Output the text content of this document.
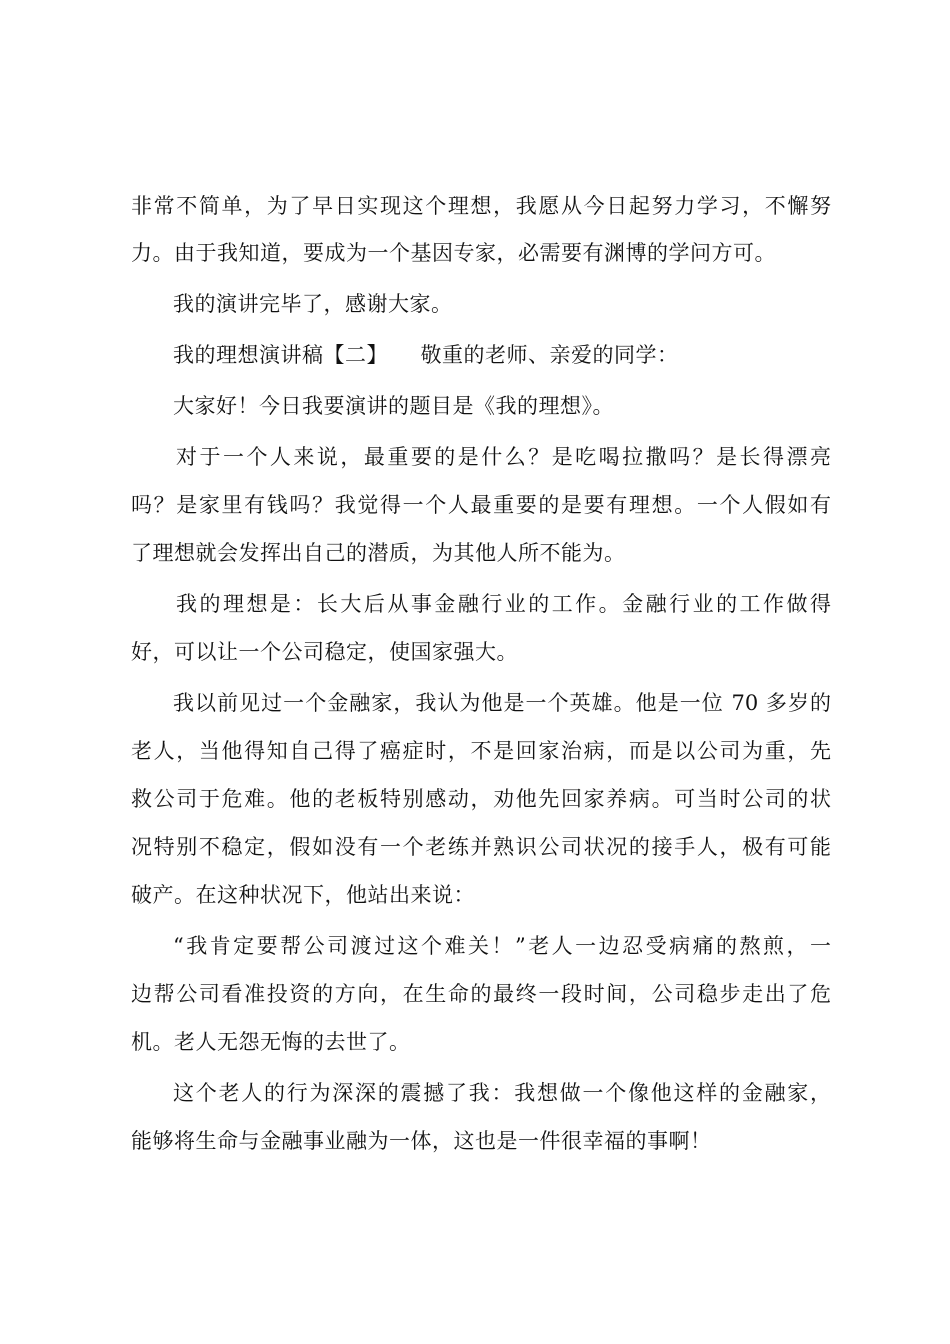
非常不简单，为了早日实现这个理想，我愿从今日起努力学习，不懈努
力。由于我知道，要成为一个基因专家，必需要有渊博的学问方可。
我的演讲完毕了，感谢大家。
我的理想演讲稿【二】　　敬重的老师、亲爱的同学：
大家好！今日我要演讲的题目是《我的理想》。
对于一个人来说，最重要的是什么？是吃喝拉撒吗？是长得漂亮
吗？是家里有钱吗？我觉得一个人最重要的是要有理想。一个人假如有
了理想就会发挥出自己的潜质，为其他人所不能为。
我的理想是：长大后从事金融行业的工作。金融行业的工作做得
好，可以让一个公司稳定，使国家强大。
我以前见过一个金融家，我认为他是一个英雄。他是一位 70 多岁的
老人，当他得知自己得了癌症时，不是回家治病，而是以公司为重，先
救公司于危难。他的老板特别感动，劝他先回家养病。可当时公司的状
况特别不稳定，假如没有一个老练并熟识公司状况的接手人，极有可能
破产。在这种状况下，他站出来说：
“我肯定要帮公司渡过这个难关！”老人一边忍受病痛的熬煎，一
边帮公司看准投资的方向，在生命的最终一段时间，公司稳步走出了危
机。老人无怨无悔的去世了。
这个老人的行为深深的震撼了我：我想做一个像他这样的金融家，
能够将生命与金融事业融为一体，这也是一件很幸福的事啊！
